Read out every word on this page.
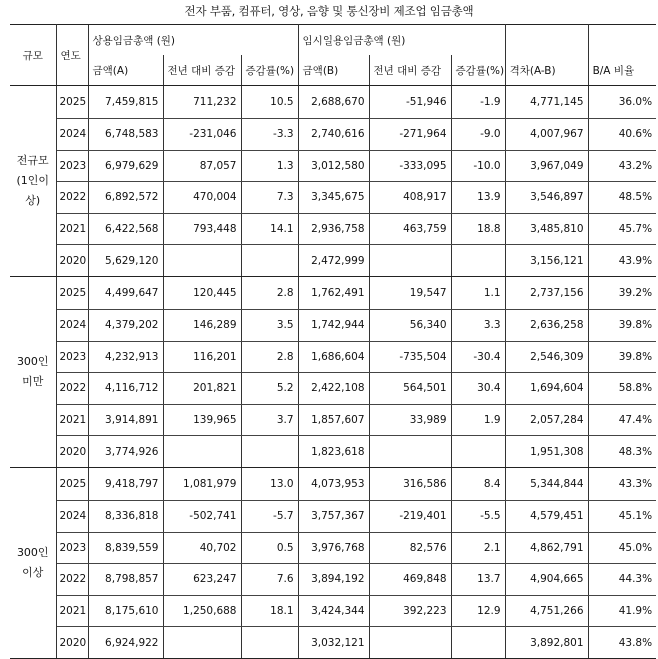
전자 부품, 컴퓨터, 영상, 음향 및 통신장비 제조업 임금총액
규모	연도	상용임금총액 (원)			임시일용임금총액 (원)				
		금액(A)	전년 대비 증감	증감률(%)	금액(B)	전년 대비 증감	증감률(%)	격차(A-B)	B/A 비율
전규모 (1인이상)	2025	7,459,815	711,232	10.5	2,688,670	-51,946	-1.9	4,771,145	36.0%
	2024	6,748,583	-231,046	-3.3	2,740,616	-271,964	-9.0	4,007,967	40.6%
	2023	6,979,629	87,057	1.3	3,012,580	-333,095	-10.0	3,967,049	43.2%
	2022	6,892,572	470,004	7.3	3,345,675	408,917	13.9	3,546,897	48.5%
	2021	6,422,568	793,448	14.1	2,936,758	463,759	18.8	3,485,810	45.7%
	2020	5,629,120			2,472,999			3,156,121	43.9%
300인 미만	2025	4,499,647	120,445	2.8	1,762,491	19,547	1.1	2,737,156	39.2%
	2024	4,379,202	146,289	3.5	1,742,944	56,340	3.3	2,636,258	39.8%
	2023	4,232,913	116,201	2.8	1,686,604	-735,504	-30.4	2,546,309	39.8%
	2022	4,116,712	201,821	5.2	2,422,108	564,501	30.4	1,694,604	58.8%
	2021	3,914,891	139,965	3.7	1,857,607	33,989	1.9	2,057,284	47.4%
	2020	3,774,926			1,823,618			1,951,308	48.3%
300인 이상	2025	9,418,797	1,081,979	13.0	4,073,953	316,586	8.4	5,344,844	43.3%
	2024	8,336,818	-502,741	-5.7	3,757,367	-219,401	-5.5	4,579,451	45.1%
	2023	8,839,559	40,702	0.5	3,976,768	82,576	2.1	4,862,791	45.0%
	2022	8,798,857	623,247	7.6	3,894,192	469,848	13.7	4,904,665	44.3%
	2021	8,175,610	1,250,688	18.1	3,424,344	392,223	12.9	4,751,266	41.9%
	2020	6,924,922			3,032,121			3,892,801	43.8%
